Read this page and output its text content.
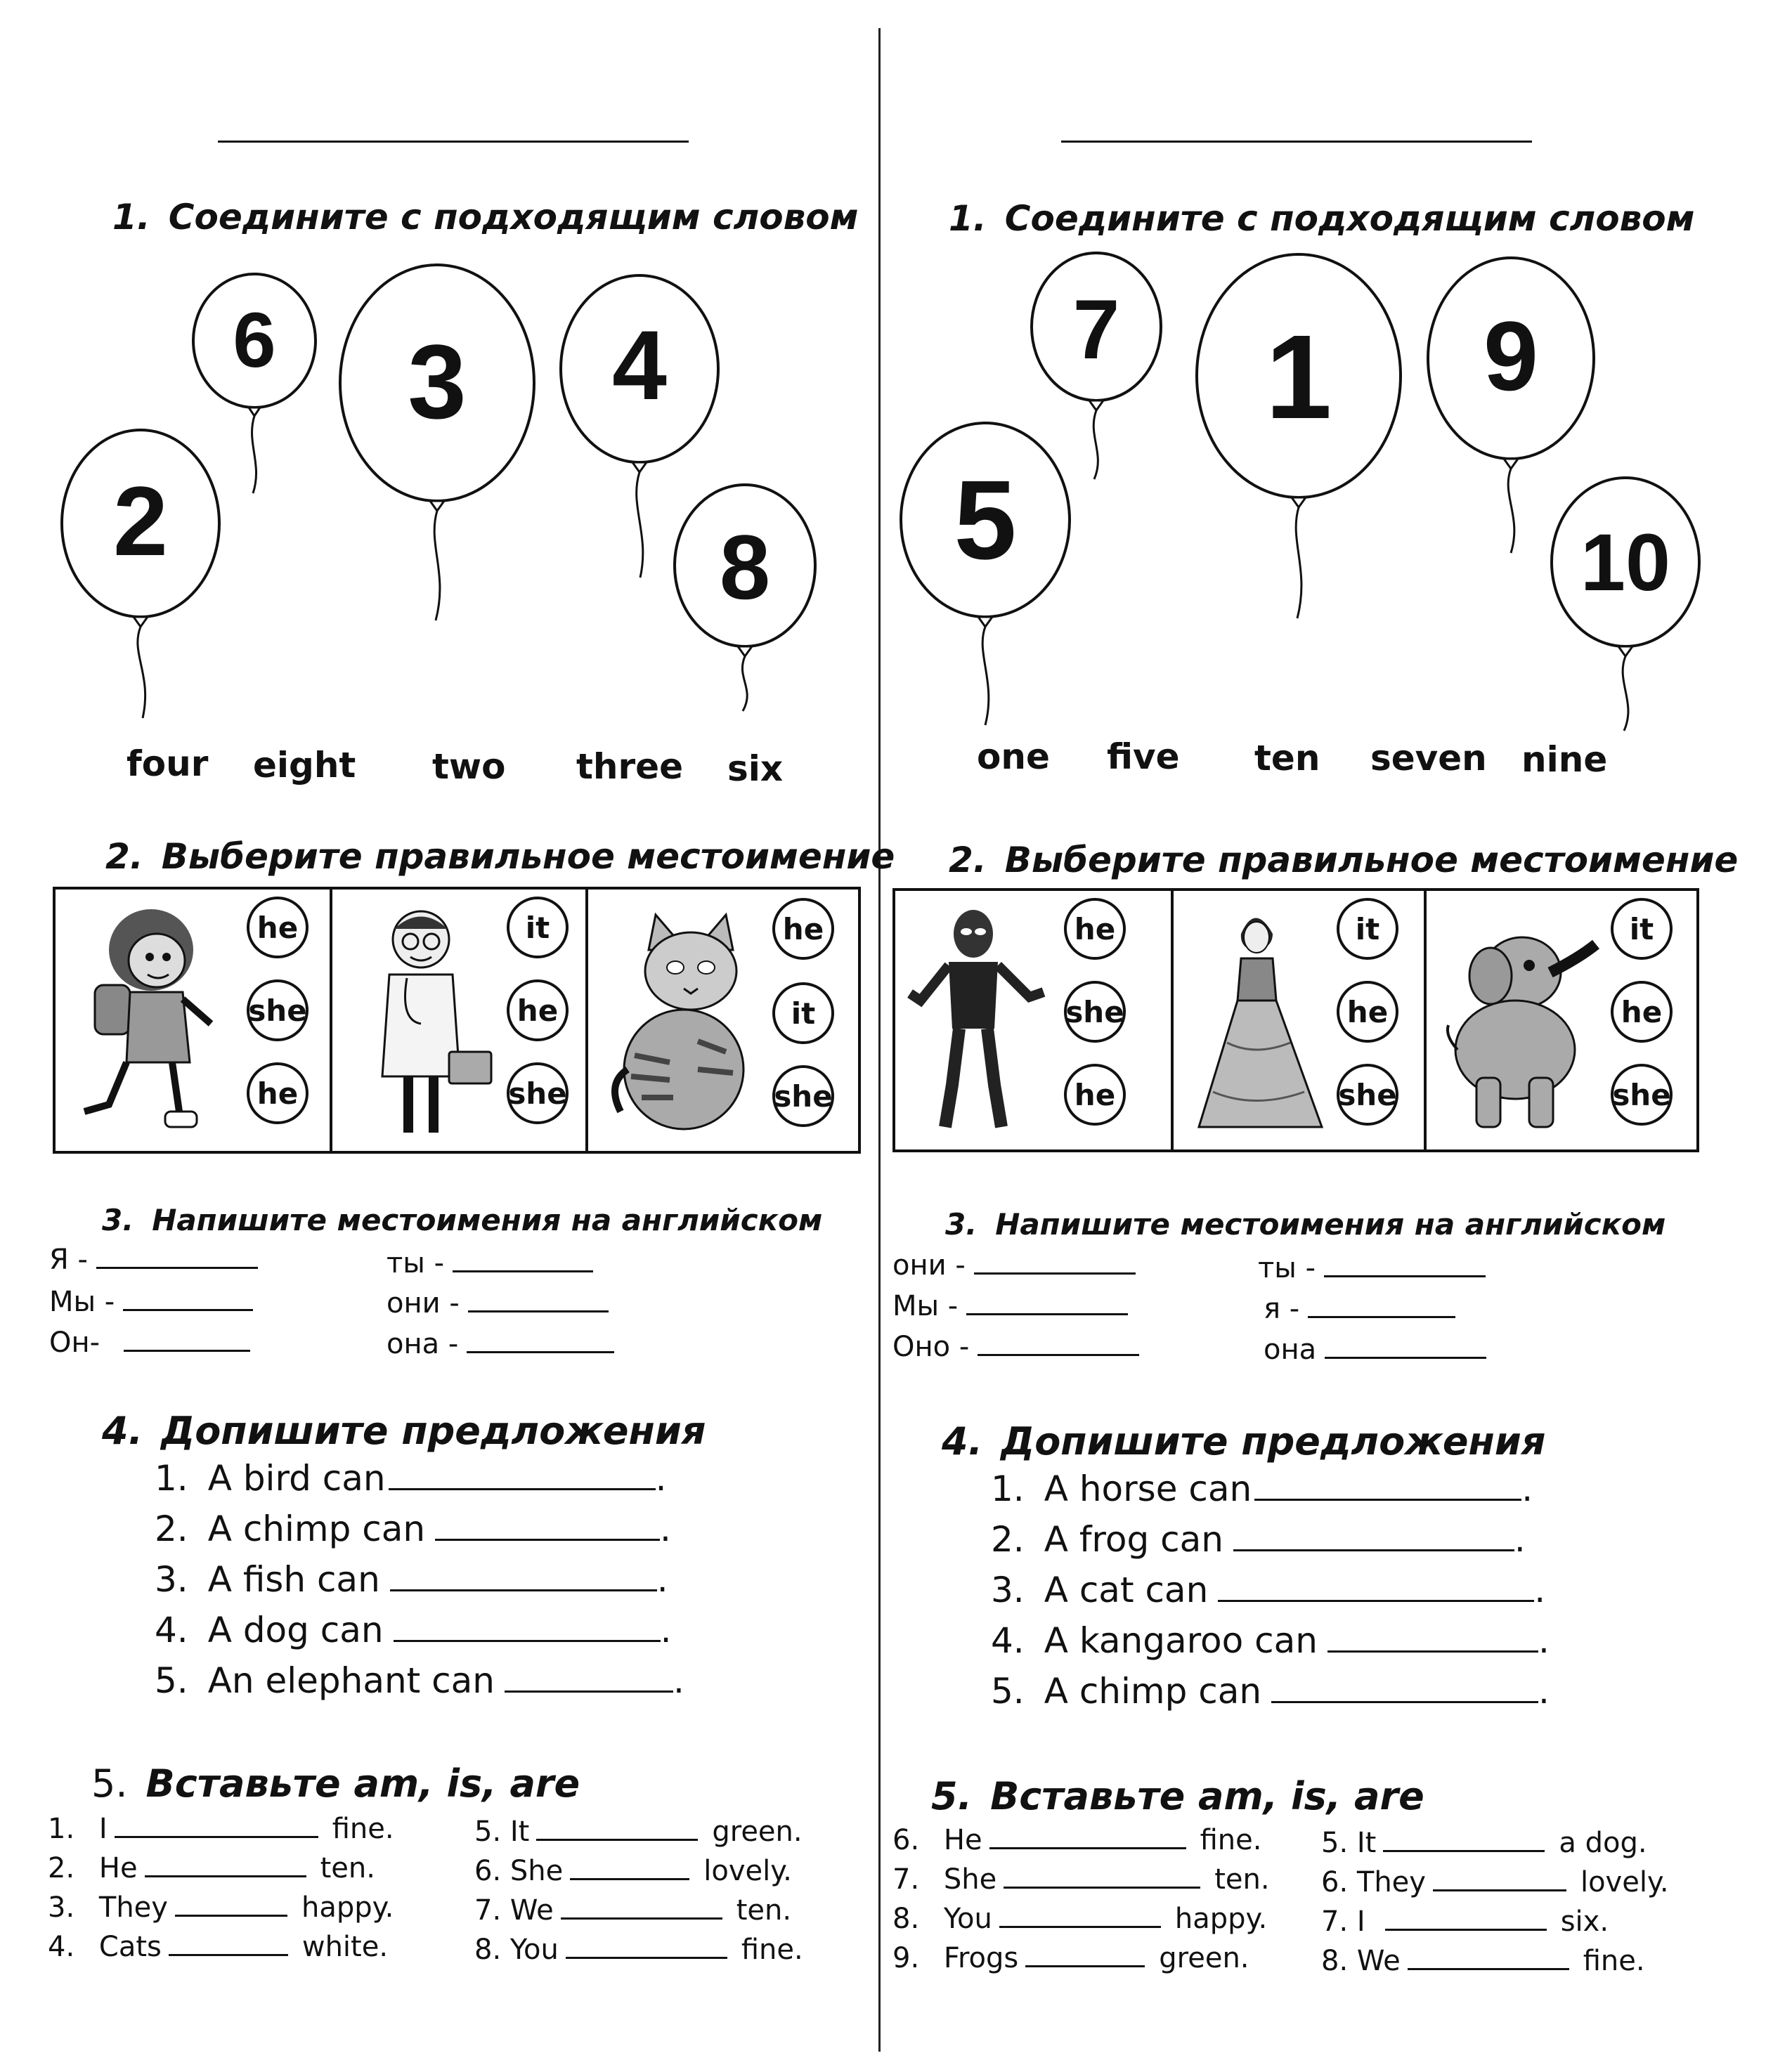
1. Соедините с подходящим словом
6 3 4
2	8
four eight two three six
2. Выберите правильное местоимение
he
she
he
it
he
she
he
it
she
3. Напишите местоимения на английском
Я -	ты -
Мы -	они -
Он-	она -
4. Допишите предложения
1. A bird can	.
2. A chimp can	.
3. A fish can	.
4. A dog can	.
5. An elephant can	.
5. Вставьте am, is, are
1. I	fine.
2. He	ten.
3. They	happy.
4. Cats	white.
5. It	green.
6. She	lovely.
7. We	ten.
8. You	fine.
1. Соедините с подходящим словом
7 1 9
5	10
one five ten seven nine
2. Выберите правильное местоимение
he
she
he
it
he
she
it
he
she
3. Напишите местоимения на английском
они -	ты -
Мы -	я -
Оно -	она
4. Допишите предложения
1. A horse can	.
2. A frog can	.
3. A cat can	.
4. A kangaroo can	.
5. A chimp can	.
5. Вставьте am, is, are
6. He	fine.
7. She	ten.
8. You	happy.
9. Frogs	green.
5. It	a dog.
6. They	lovely.
7. I	six.
8. We	fine.
